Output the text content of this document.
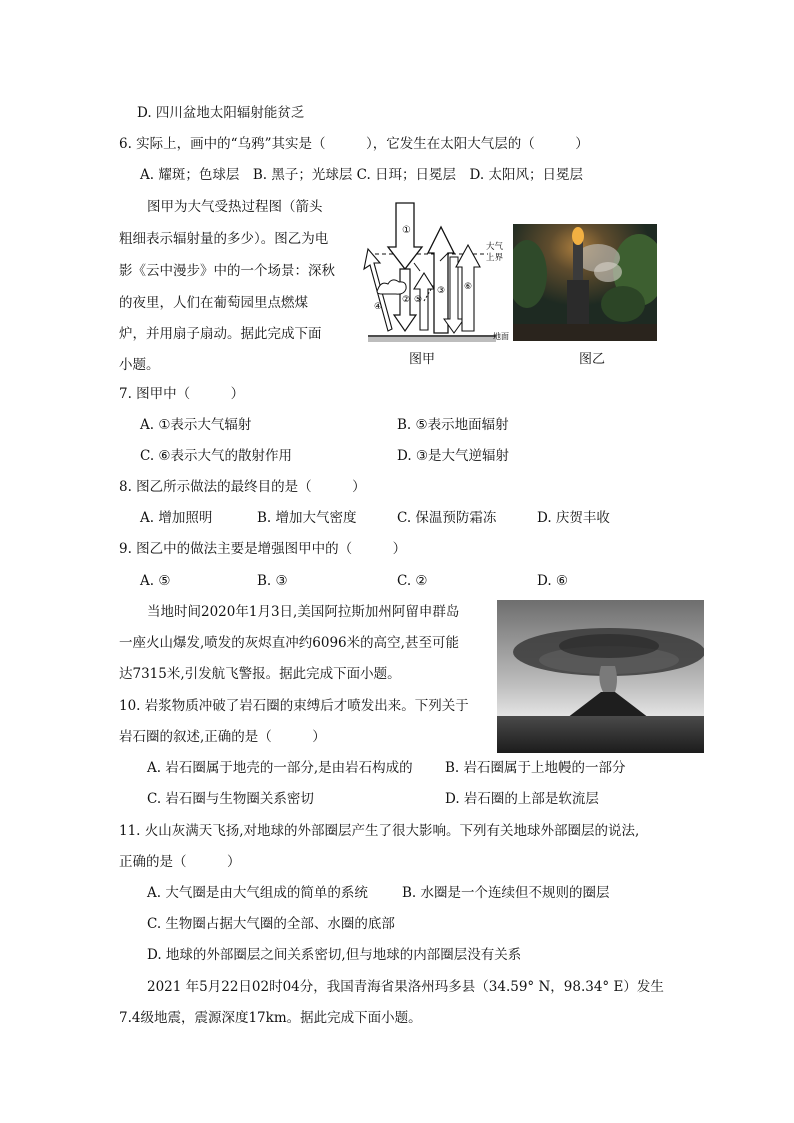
D. 四川盆地太阳辐射能贫乏
6. 实际上，画中的“乌鸦”其实是（　　　），它发生在太阳大气层的（　　　）
A. 耀斑；色球层　B. 黑子；光球层 C. 日珥；日冕层　D. 太阳风；日冕层
图甲为大气受热过程图（箭头
粗细表示辐射量的多少）。图乙为电
影《云中漫步》中的一个场景：深秋
的夜里，人们在葡萄园里点燃煤
炉，并用扇子扇动。据此完成下面
小题。
①
②
③
④
⑤
⑥
大气
上界
地面
图甲	图乙
7. 图甲中（　　　）
A. ①表示大气辐射	B. ⑤表示地面辐射
C. ⑥表示大气的散射作用	D. ③是大气逆辐射
8. 图乙所示做法的最终目的是（　　　）
A. 增加照明	B. 增加大气密度	C. 保温预防霜冻	D. 庆贺丰收
9. 图乙中的做法主要是增强图甲中的（　　　）
A. ⑤	B. ③	C. ②	D. ⑥
当地时间2020年1月3日,美国阿拉斯加州阿留申群岛
一座火山爆发,喷发的灰烬直冲约6096米的高空,甚至可能
达7315米,引发航飞警报。据此完成下面小题。
10. 岩浆物质冲破了岩石圈的束缚后才喷发出来。下列关于
岩石圈的叙述,正确的是（　　　）
A. 岩石圈属于地壳的一部分,是由岩石构成的 B. 岩石圈属于上地幔的一部分
C. 岩石圈与生物圈关系密切	D. 岩石圈的上部是软流层
11. 火山灰满天飞扬,对地球的外部圈层产生了很大影响。下列有关地球外部圈层的说法,
正确的是（　　　）
A. 大气圈是由大气组成的简单的系统	B. 水圈是一个连续但不规则的圈层
C. 生物圈占据大气圈的全部、水圈的底部
D. 地球的外部圈层之间关系密切,但与地球的内部圈层没有关系
2021 年5月22日02时04分，我国青海省果洛州玛多县（34.59° N，98.34° E）发生
7.4级地震，震源深度17km。据此完成下面小题。
